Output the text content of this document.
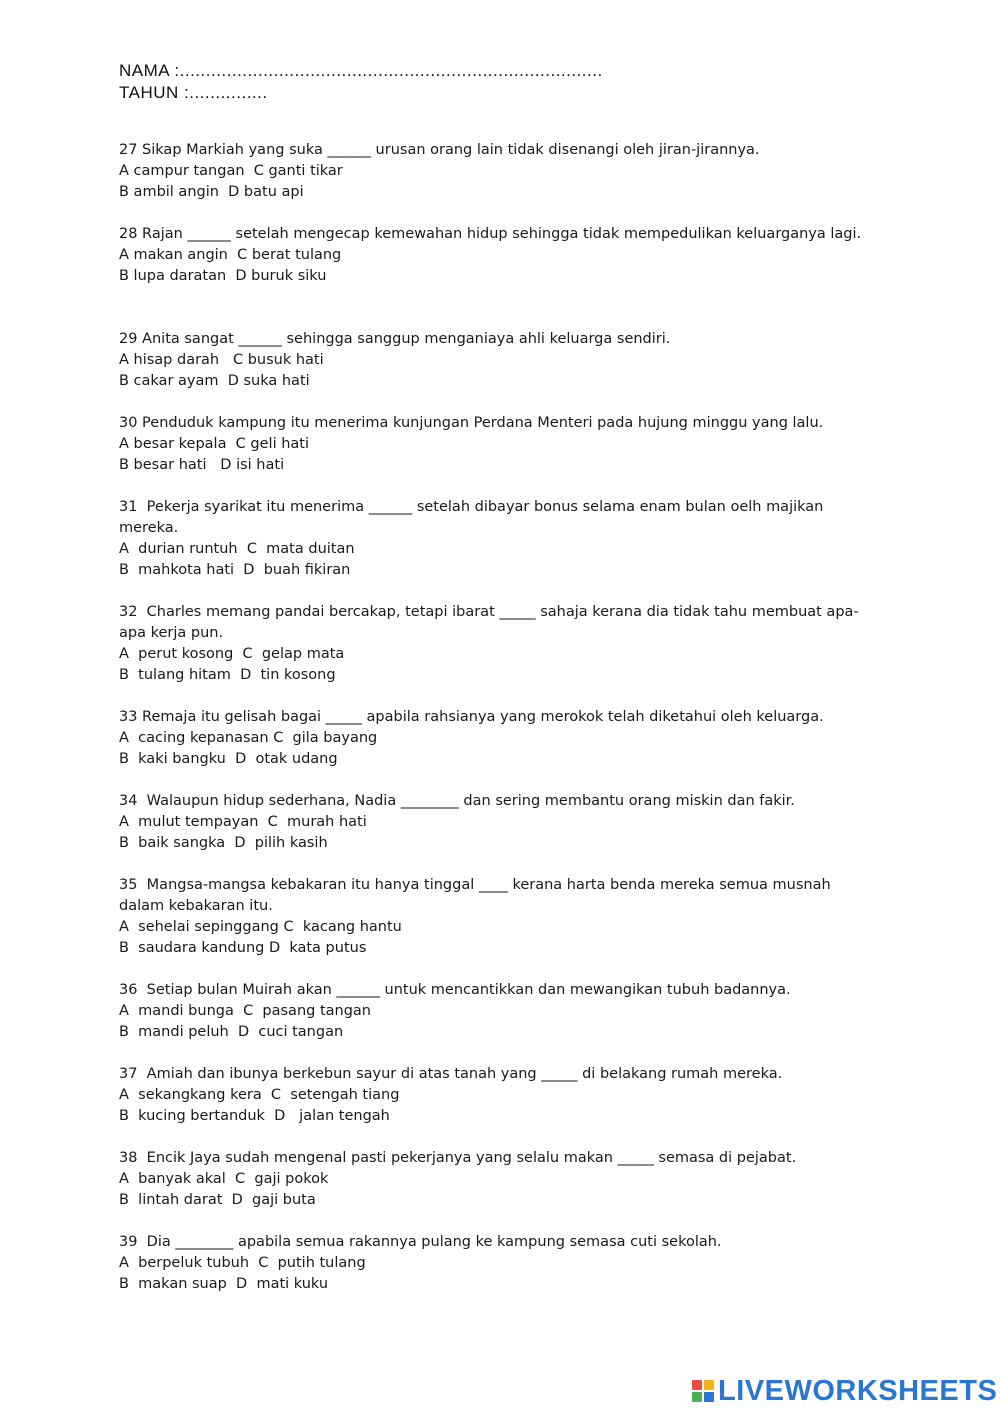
NAMA :.................................................................................
TAHUN :...............

27 Sikap Markiah yang suka ______ urusan orang lain tidak disenangi oleh jiran-jirannya.

A campur tangan  C ganti tikar

B ambil angin  D batu api

28 Rajan ______ setelah mengecap kemewahan hidup sehingga tidak mempedulikan keluarganya lagi.

A makan angin  C berat tulang

B lupa daratan  D buruk siku

29 Anita sangat ______ sehingga sanggup menganiaya ahli keluarga sendiri.

A hisap darah   C busuk hati

B cakar ayam  D suka hati

30 Penduduk kampung itu menerima kunjungan Perdana Menteri pada hujung minggu yang lalu.

A besar kepala  C geli hati

B besar hati   D isi hati

31  Pekerja syarikat itu menerima ______ setelah dibayar bonus selama enam bulan oelh majikan mereka.

A  durian runtuh  C  mata duitan

B  mahkota hati  D  buah fikiran

32  Charles memang pandai bercakap, tetapi ibarat _____ sahaja kerana dia tidak tahu membuat apa-apa kerja pun.

A  perut kosong  C  gelap mata

B  tulang hitam  D  tin kosong

33 Remaja itu gelisah bagai _____ apabila rahsianya yang merokok telah diketahui oleh keluarga.

A  cacing kepanasan C  gila bayang

B  kaki bangku  D  otak udang

34  Walaupun hidup sederhana, Nadia ________ dan sering membantu orang miskin dan fakir.

A  mulut tempayan  C  murah hati

B  baik sangka  D  pilih kasih

35  Mangsa-mangsa kebakaran itu hanya tinggal ____ kerana harta benda mereka semua musnah dalam kebakaran itu.

A  sehelai sepinggang C  kacang hantu

B  saudara kandung D  kata putus

36  Setiap bulan Muirah akan ______ untuk mencantikkan dan mewangikan tubuh badannya.

A  mandi bunga  C  pasang tangan

B  mandi peluh  D  cuci tangan

37  Amiah dan ibunya berkebun sayur di atas tanah yang _____ di belakang rumah mereka.

A  sekangkang kera  C  setengah tiang

B  kucing bertanduk  D   jalan tengah

38  Encik Jaya sudah mengenal pasti pekerjanya yang selalu makan _____ semasa di pejabat.

A  banyak akal  C  gaji pokok

B  lintah darat  D  gaji buta

39  Dia ________ apabila semua rakannya pulang ke kampung semasa cuti sekolah.

A  berpeluk tubuh  C  putih tulang

B  makan suap  D  mati kuku

LIVEWORKSHEETS
